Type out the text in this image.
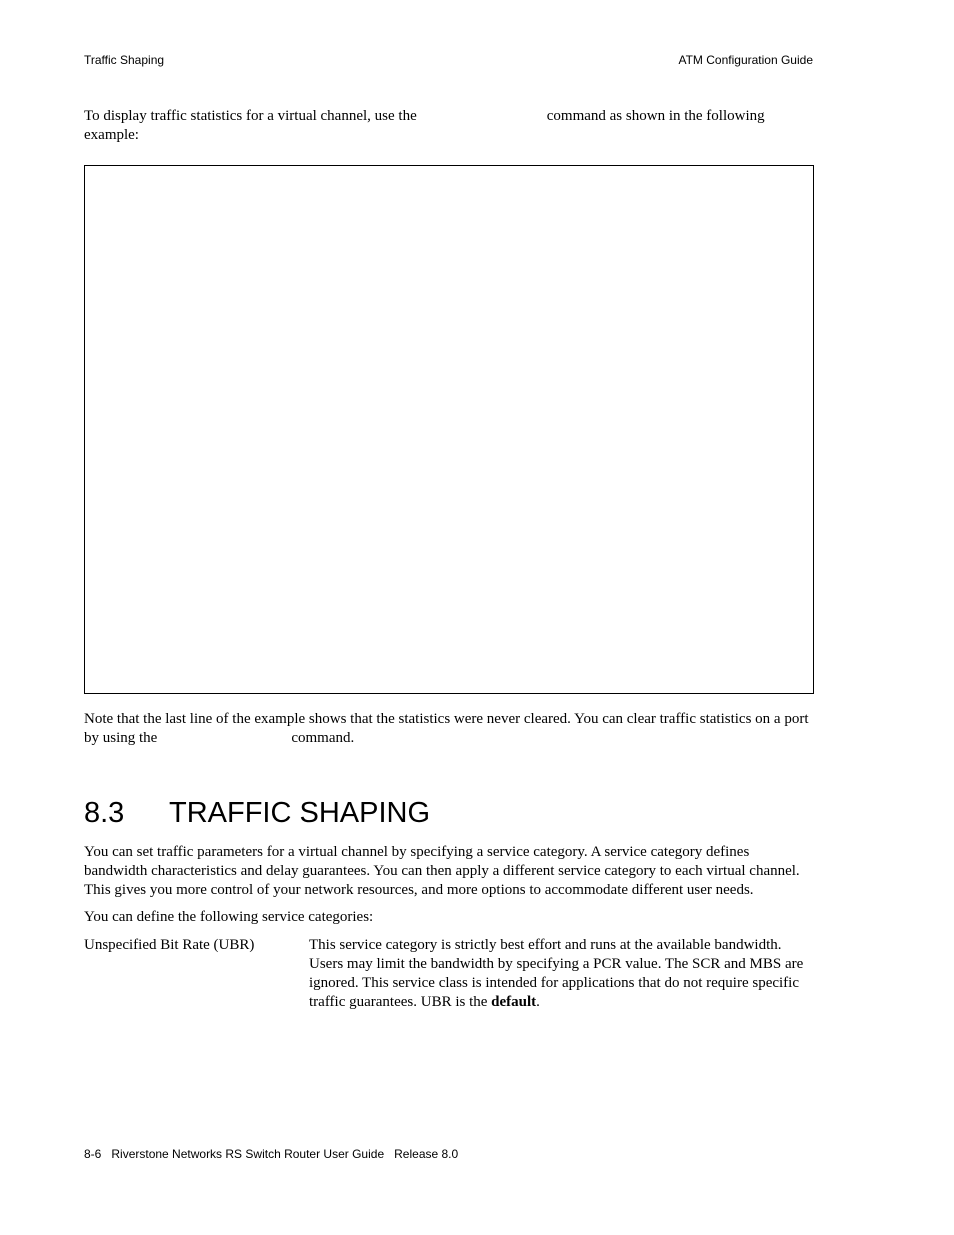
Traffic Shaping	ATM Configuration Guide

To display traffic statistics for a virtual channel, use the	command as shown in the following example:

Note that the last line of the example shows that the statistics were never cleared. You can clear traffic statistics on a port by using the	command.

8.3 TRAFFIC SHAPING

You can set traffic parameters for a virtual channel by specifying a service category. A service category defines bandwidth characteristics and delay guarantees. You can then apply a different service category to each virtual channel. This gives you more control of your network resources, and more options to accommodate different user needs.

You can define the following service categories:

Unspecified Bit Rate (UBR)	This service category is strictly best effort and runs at the available bandwidth. Users may limit the bandwidth by specifying a PCR value. The SCR and MBS are ignored. This service class is intended for applications that do not require specific traffic guarantees. UBR is the default.

8-6 Riverstone Networks RS Switch Router User Guide Release 8.0
